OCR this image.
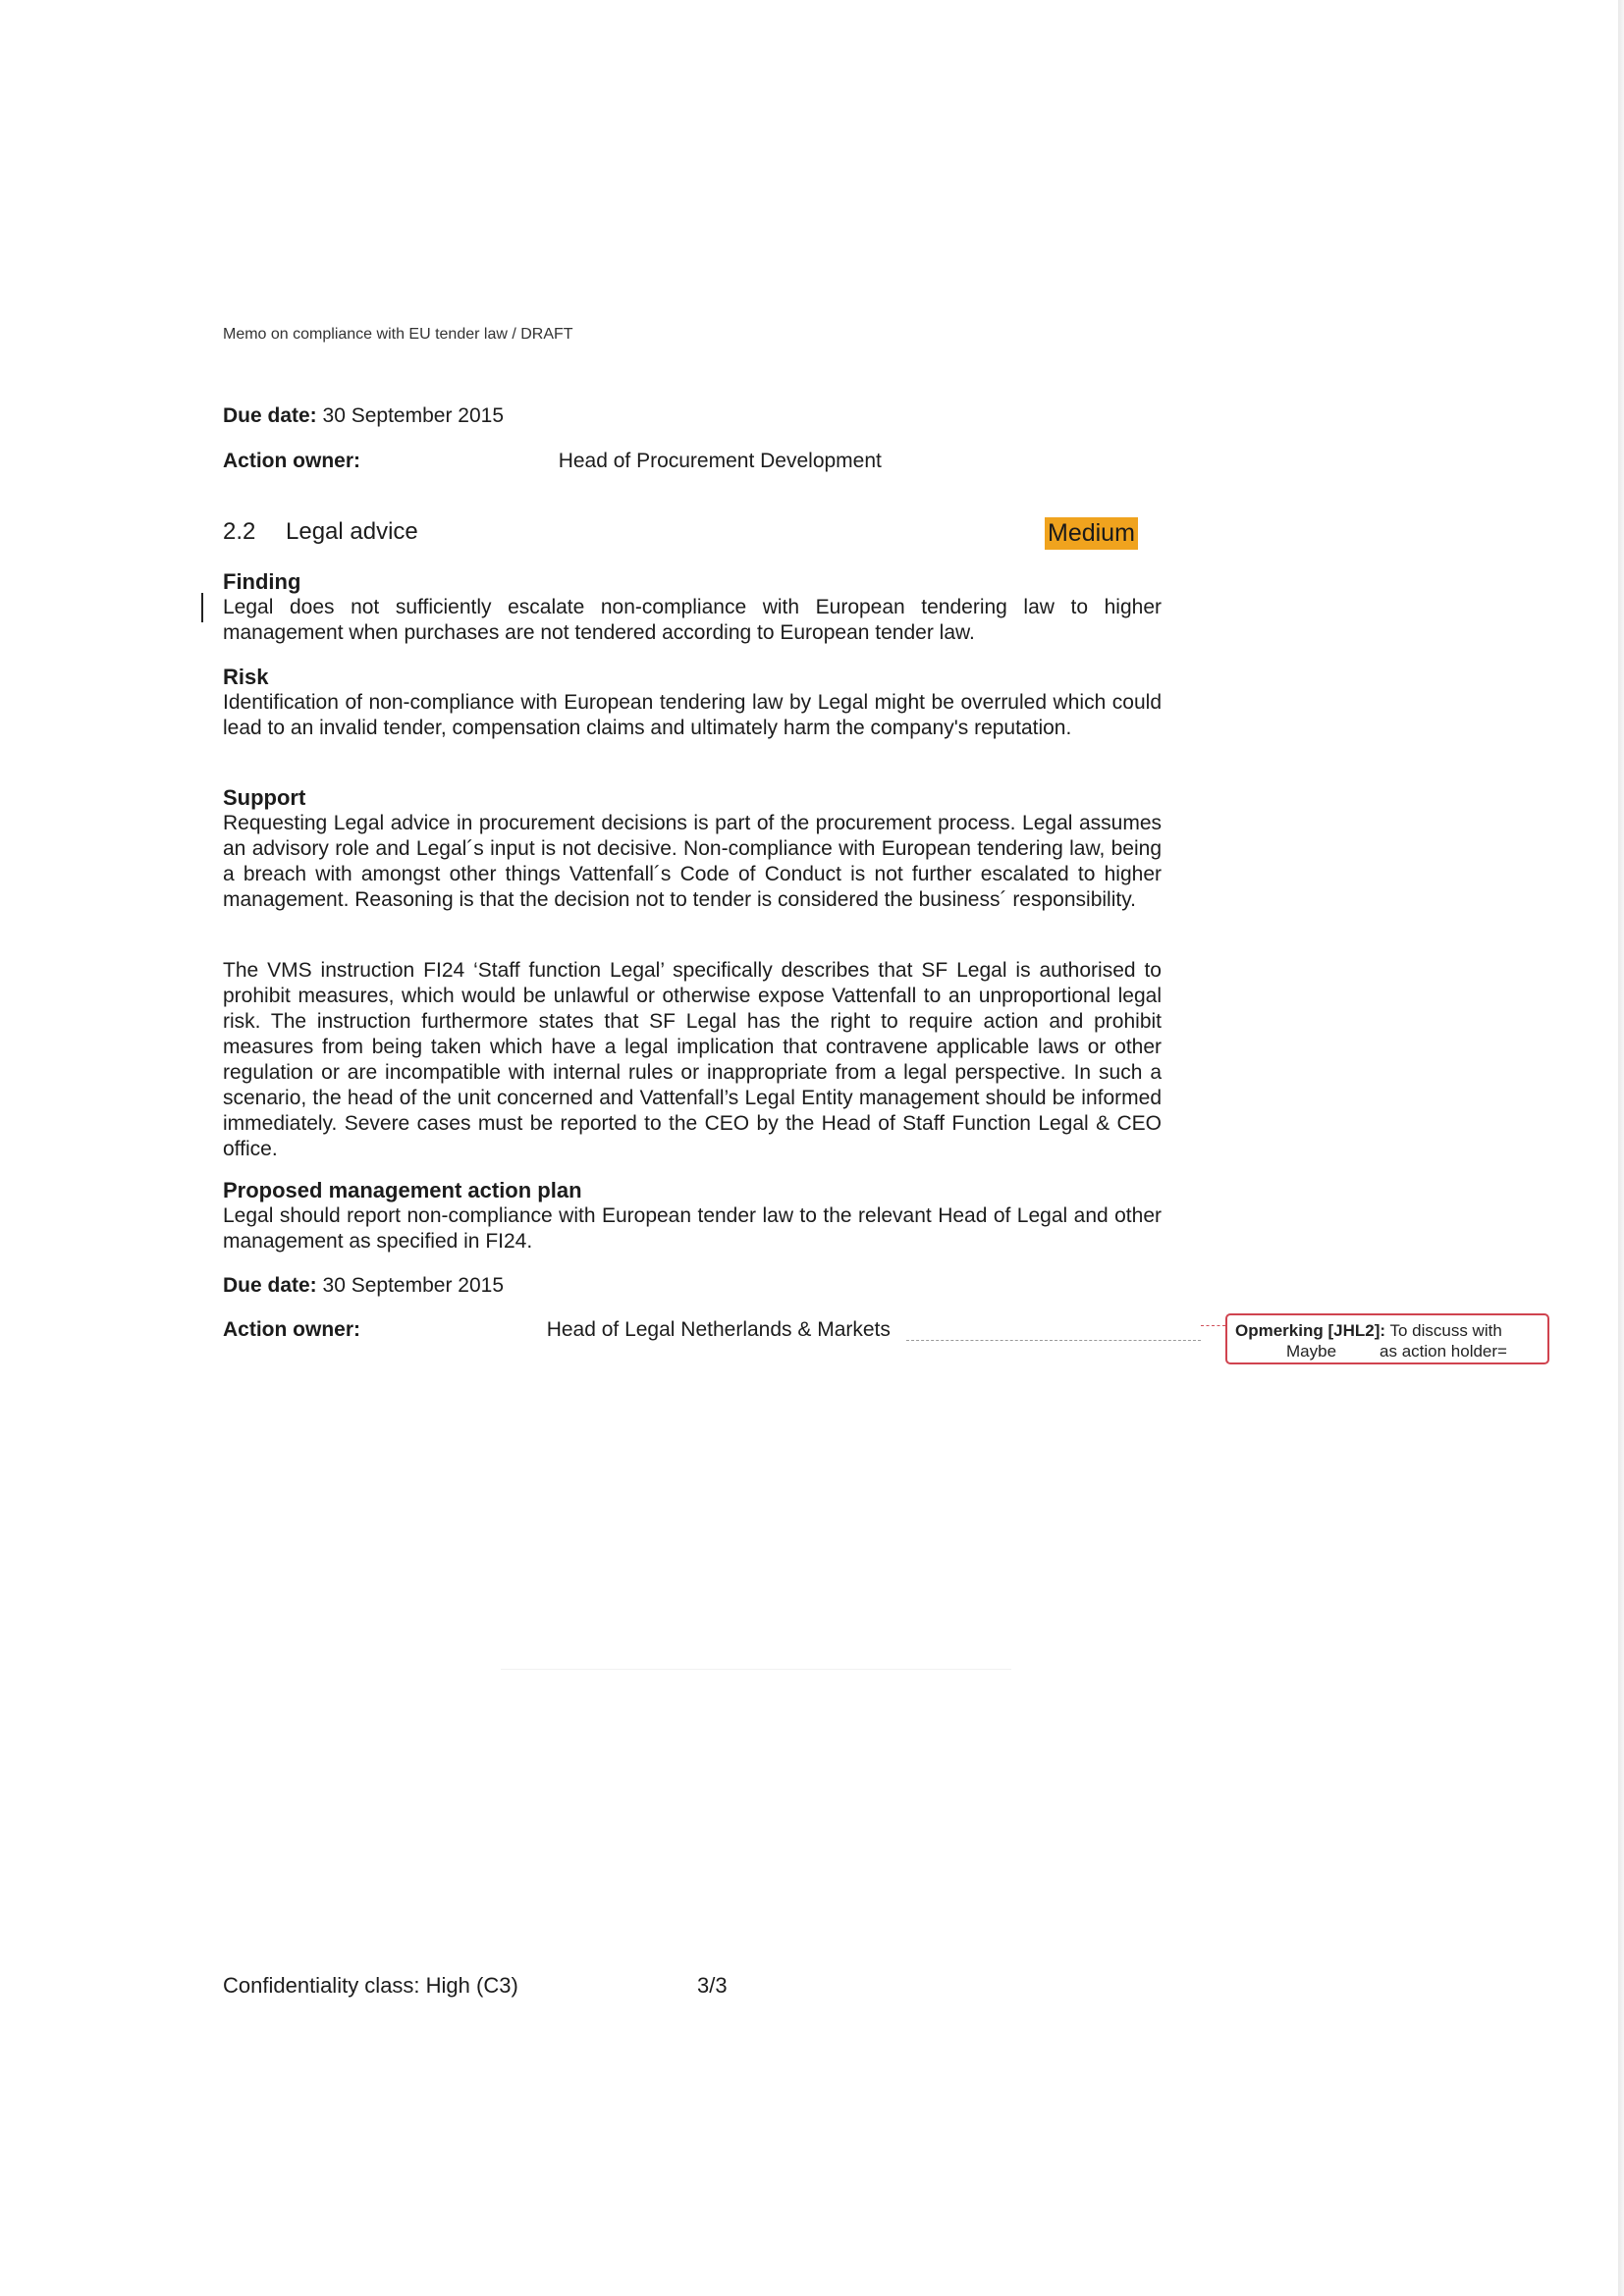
Memo on compliance with EU tender law / DRAFT
Due date: 30 September 2015
Action owner:	Head of Procurement Development
2.2 Legal advice	Medium
Finding

Legal does not sufficiently escalate non-compliance with European tendering law to higher management when purchases are not tendered according to European tender law.

Risk

Identification of non-compliance with European tendering law by Legal might be overruled which could lead to an invalid tender, compensation claims and ultimately harm the company's reputation.

Support

Requesting Legal advice in procurement decisions is part of the procurement process. Legal assumes an advisory role and Legal´s input is not decisive. Non-compliance with European tendering law, being a breach with amongst other things Vattenfall´s Code of Conduct is not further escalated to higher management. Reasoning is that the decision not to tender is considered the business´ responsibility.

The VMS instruction FI24 ‘Staff function Legal’ specifically describes that SF Legal is authorised to prohibit measures, which would be unlawful or otherwise expose Vattenfall to an unproportional legal risk. The instruction furthermore states that SF Legal has the right to require action and prohibit measures from being taken which have a legal implication that contravene applicable laws or other regulation or are incompatible with internal rules or inappropriate from a legal perspective. In such a scenario, the head of the unit concerned and Vattenfall’s Legal Entity management should be informed immediately. Severe cases must be reported to the CEO by the Head of Staff Function Legal & CEO office.

Proposed management action plan

Legal should report non-compliance with European tender law to the relevant Head of Legal and other management as specified in FI24.

Due date: 30 September 2015
Action owner:	Head of Legal Netherlands & Markets	Opmerking [JHL2]: To discuss with
Maybe	as action holder=
Confidentiality class: High (C3)	3/3
